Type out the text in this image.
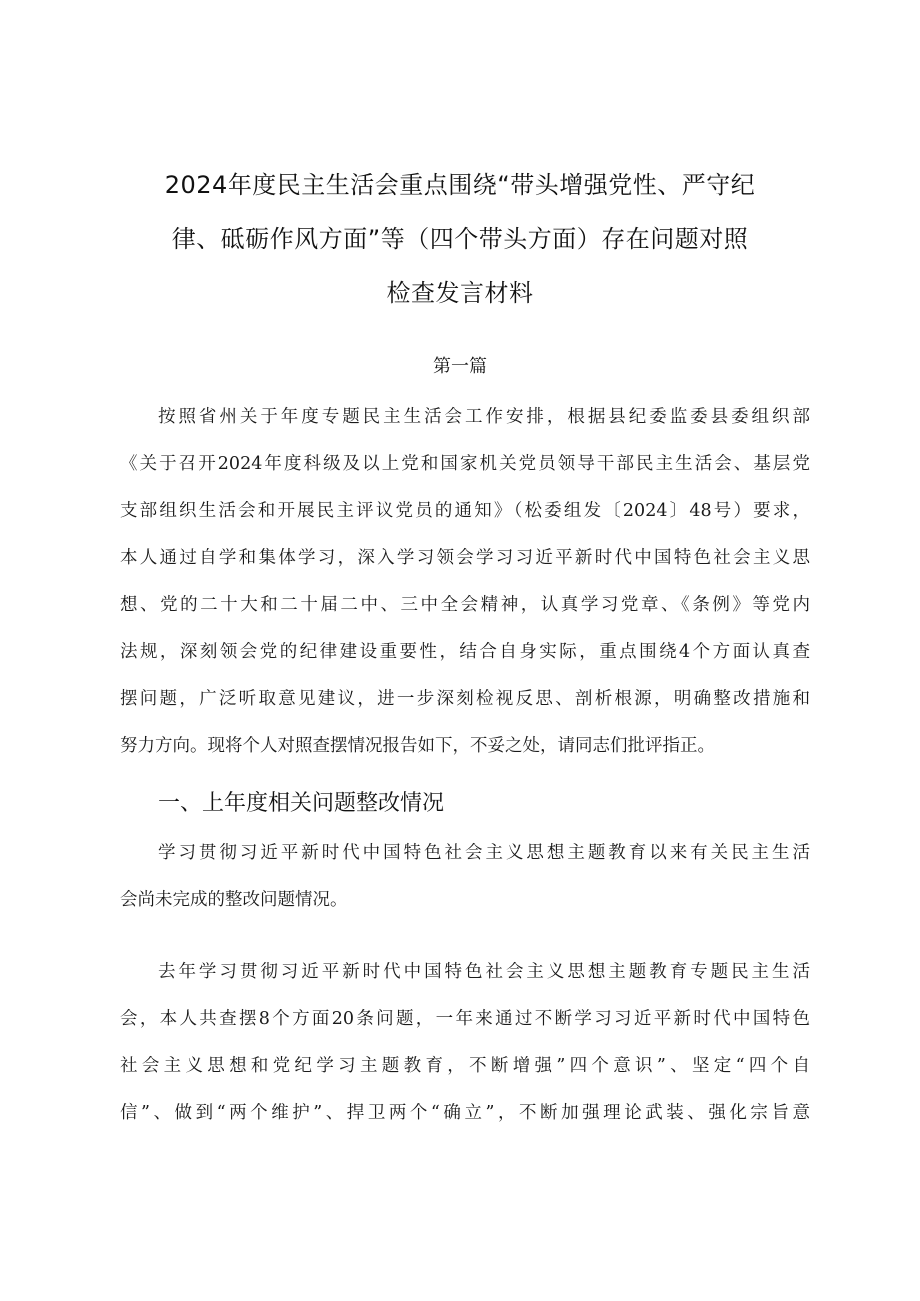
2024年度民主生活会重点围绕“带头增强党性、严守纪
律、砥砺作风方面”等（四个带头方面）存在问题对照
检查发言材料
第一篇
按照省州关于年度专题民主生活会工作安排，根据县纪委监委县委组织部
《关于召开2024年度科级及以上党和国家机关党员领导干部民主生活会、基层党
支部组织生活会和开展民主评议党员的通知》（松委组发〔2024〕48号）要求，
本人通过自学和集体学习，深入学习领会学习习近平新时代中国特色社会主义思
想、党的二十大和二十届二中、三中全会精神，认真学习党章、《条例》等党内
法规，深刻领会党的纪律建设重要性，结合自身实际，重点围绕4个方面认真查
摆问题，广泛听取意见建议，进一步深刻检视反思、剖析根源，明确整改措施和
努力方向。现将个人对照查摆情况报告如下，不妥之处，请同志们批评指正。
一、上年度相关问题整改情况
学习贯彻习近平新时代中国特色社会主义思想主题教育以来有关民主生活
会尚未完成的整改问题情况。
去年学习贯彻习近平新时代中国特色社会主义思想主题教育专题民主生活
会，本人共查摆8个方面20条问题，一年来通过不断学习习近平新时代中国特色
社会主义思想和党纪学习主题教育，不断增强”四个意识”、坚定“四个自
信”、做到“两个维护”、捍卫两个“确立”，不断加强理论武装、强化宗旨意
